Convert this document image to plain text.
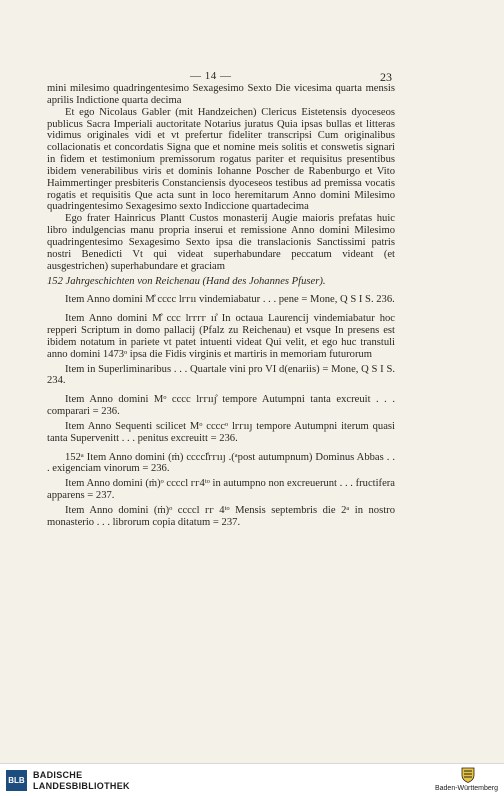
— 14 —	23

mini milesimo quadringentesimo Sexagesimo Sexto Die vicesima quarta mensis aprilis Indictione quarta decima

Et ego Nicolaus Gabler (mit Handzeichen) Clericus Eistetensis dyoceseos publicus Sacra Imperiali auctoritate Notarius juratus Quia ipsas bullas et litteras vidimus originales vidi et vt prefertur fideliter transcripsi Cum originalibus collacionatis et concordatis Signa que et nomine meis solitis et conswetis signari in fidem et testimonium premissorum rogatus pariter et requisitus presentibus ibidem venerabilibus viris et dominis Iohanne Poscher de Rabenburgo et Vito Haimmertinger presbiteris Constanciensis dyoceseos testibus ad premissa vocatis rogatis et requisitis Que acta sunt in loco heremitarum Anno domini Milesimo quadringentesimo Sexagesimo sexto Indiccione quartadecima

Ego frater Hainricus Plantt Custos monasterij Augie maioris prefatas huic libro indulgencias manu propria inserui et remissione Anno domini Milesimo quadringentesimo Sexagesimo Sexto ipsa die translacionis Sanctissimi patris nostri Benedicti Vt qui videat superhabundare peccatum videant (et ausgestrichen) superhabundare et graciam

152 Jahrgeschichten von Reichenau (Hand des Johannes Pfuser).

Item Anno domini M̊ cccc lᴦᴦıı vindemiabatur . . . pene = Mone, Q S I S. 236.

Item Anno domini M̊ ccc lᴦᴦᴦᴦ ıı̊ In octaua Laurencij vindemiabatur hoc repperi Scriptum in domo pallacij (Pfalz zu Reichenau) et vsque In presens est ibidem notatum in pariete vt patet intuenti videat Qui velit, et ego huc transtuli anno domini 1473ᵒ ipsa die Fidis virginis et martiris in memoriam futurorum

Item in Superliminaribus . . . Quartale vini pro VI d(enariis) = Mone, Q S I S. 234.

Item Anno domini Mᵒ cccc lᴦᴦııȷ̊ tempore Autumpni tanta excreuit . . . comparari = 236.

Item Anno Sequenti scilicet Mᵒ ccccᵒ lᴦᴦııȷ tempore Autumpni iterum quasi tanta Supervenitt . . . penitus excreuitt = 236.

152ᵃ Item Anno domini (ṁ) ccccl̊ᴦᴦııȷ .(ᵃpost autumpnum) Dominus Abbas . . . exigenciam vinorum = 236.

Item Anno domini (ṁ)ᵒ ccccl ᴦᴦ4ᵗᵒ in autumpno non excreuerunt . . . fructifera apparens = 237.

Item Anno domini (ṁ)ᵒ ccccl ᴦᴦ 4ᵗᵒ Mensis septembris die 2ᵃ in nostro monasterio . . . librorum copia ditatum = 237.

BLB
BADISCHE
LANDESBIBLIOTHEK	Baden-Württemberg
